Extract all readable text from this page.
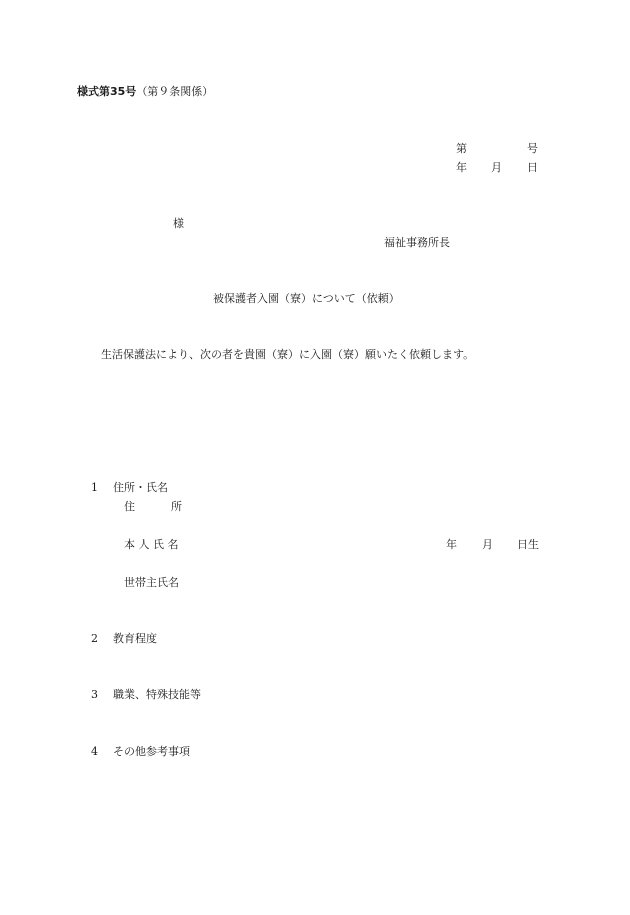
様式第35号（第９条関係）
第	号
年 月 日
様
福祉事務所長
被保護者入園（寮）について（依頼）
生活保護法により、次の者を貴園（寮）に入園（寮）願いたく依頼します。
1 住所・氏名
住	所
本 人 氏 名	年 月 日生
世帯主氏名
2 教育程度
3 職業、特殊技能等
4 その他参考事項
